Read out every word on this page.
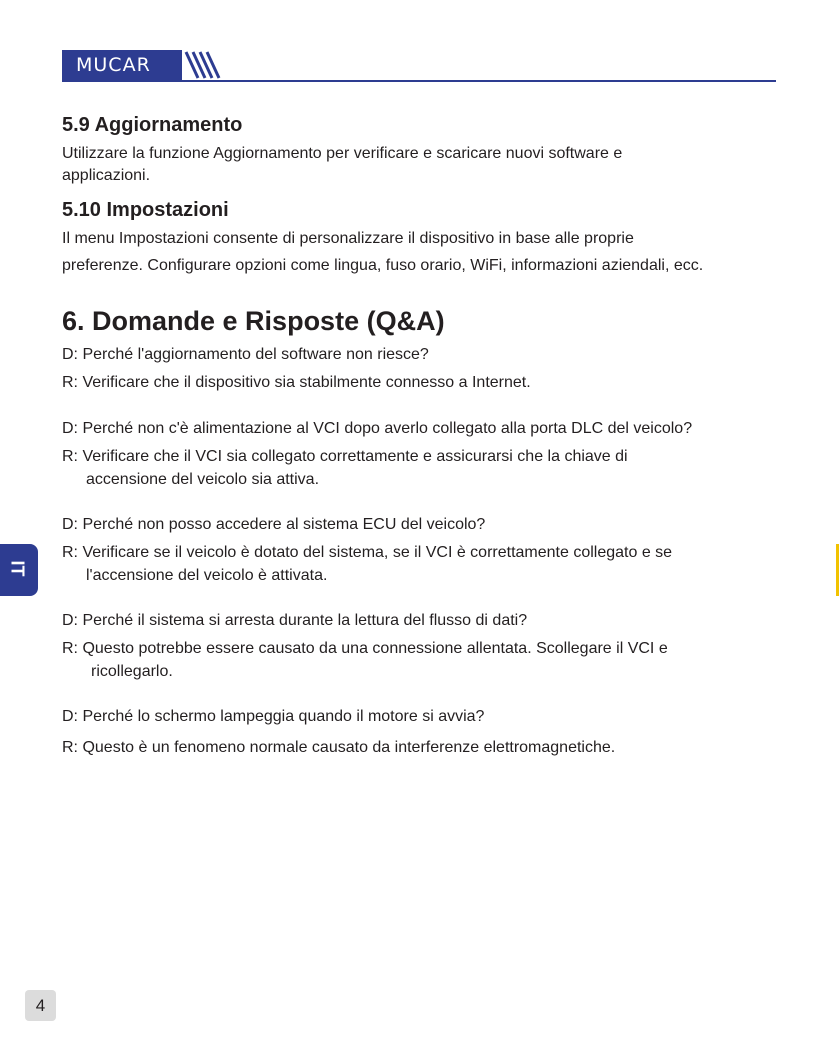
MUCAR
5.9 Aggiornamento

Utilizzare la funzione Aggiornamento per verificare e scaricare nuovi software e

applicazioni.

5.10 Impostazioni

Il menu Impostazioni consente di personalizzare il dispositivo in base alle proprie

preferenze. Configurare opzioni come lingua, fuso orario, WiFi, informazioni aziendali, ecc.

6. Domande e Risposte (Q&A)

D: Perché l'aggiornamento del software non riesce?

R: Verificare che il dispositivo sia stabilmente connesso a Internet.

D: Perché non c'è alimentazione al VCI dopo averlo collegato alla porta DLC del veicolo?

R: Verificare che il VCI sia collegato correttamente e assicurarsi che la chiave di

accensione del veicolo sia attiva.

D: Perché non posso accedere al sistema ECU del veicolo?

R: Verificare se il veicolo è dotato del sistema, se il VCI è correttamente collegato e se

l'accensione del veicolo è attivata.

D: Perché il sistema si arresta durante la lettura del flusso di dati?

R: Questo potrebbe essere causato da una connessione allentata. Scollegare il VCI e

ricollegarlo.

D: Perché lo schermo lampeggia quando il motore si avvia?

R: Questo è un fenomeno normale causato da interferenze elettromagnetiche.

IT
4
